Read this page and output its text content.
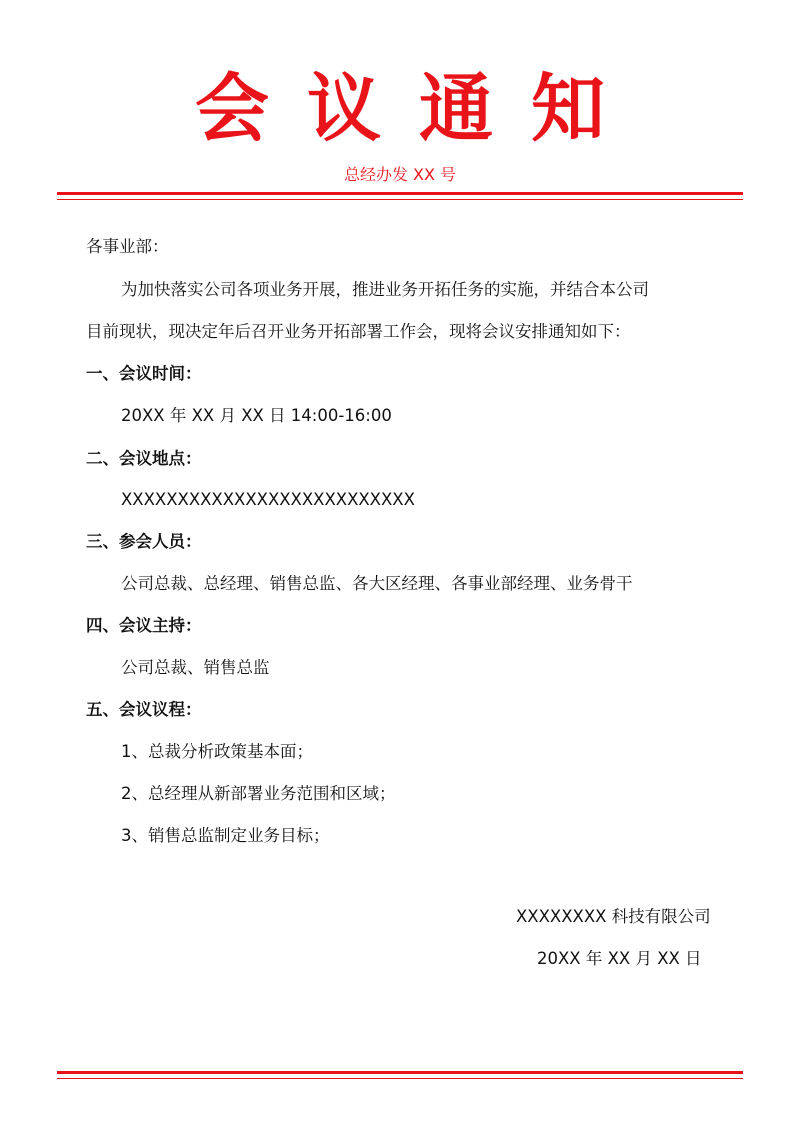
会议通知
总经办发 XX 号
各事业部：
为加快落实公司各项业务开展，推进业务开拓任务的实施，并结合本公司
目前现状，现决定年后召开业务开拓部署工作会，现将会议安排通知如下：
一、会议时间：
20XX 年 XX 月 XX 日 14:00-16:00
二、会议地点：
XXXXXXXXXXXXXXXXXXXXXXXXXX
三、参会人员：
公司总裁、总经理、销售总监、各大区经理、各事业部经理、业务骨干
四、会议主持：
公司总裁、销售总监
五、会议议程：
1、总裁分析政策基本面；
2、总经理从新部署业务范围和区域；
3、销售总监制定业务目标；
XXXXXXXX 科技有限公司
20XX 年 XX 月 XX 日
